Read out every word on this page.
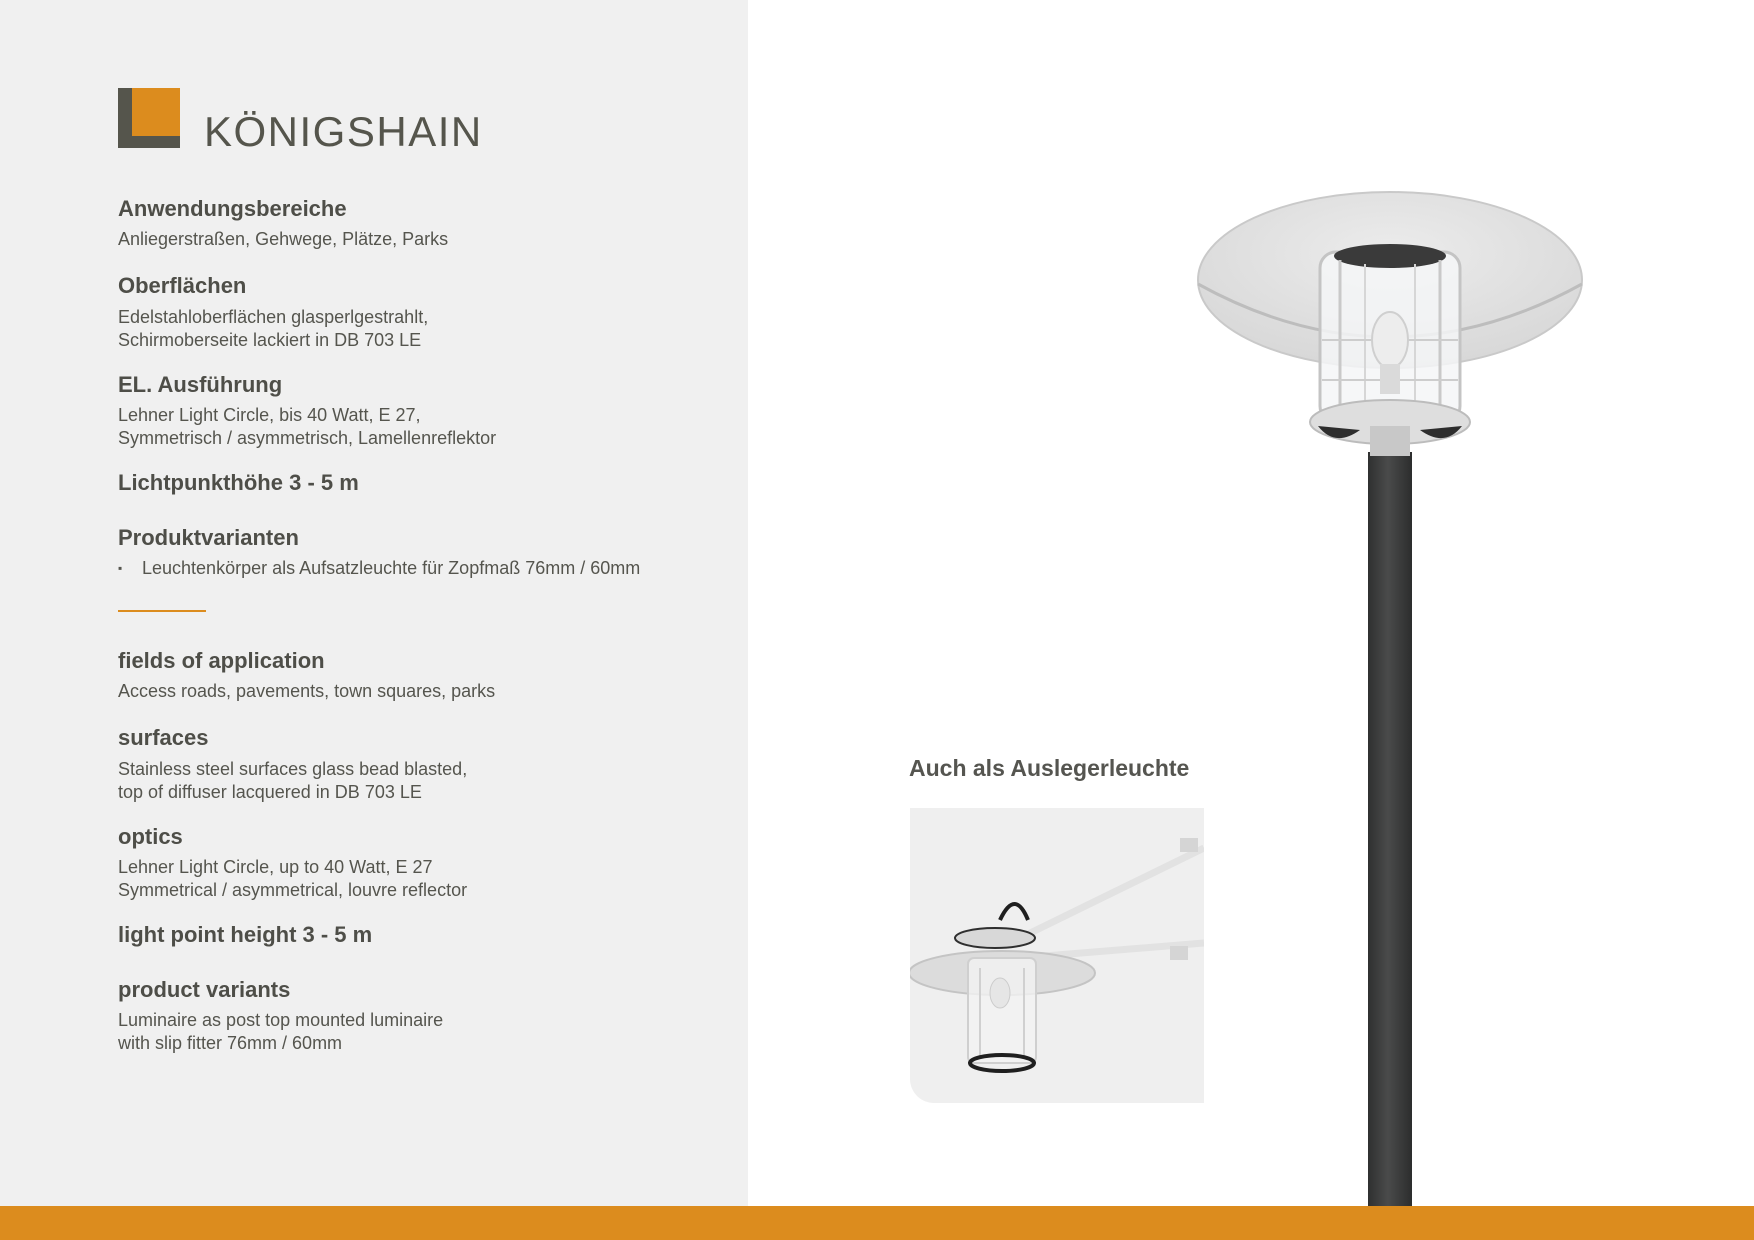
KÖNIGSHAIN

Anwendungsbereiche

Anliegerstraßen, Gehwege, Plätze, Parks

Oberflächen

Edelstahloberflächen glasperlgestrahlt,

Schirmoberseite lackiert in DB 703 LE

EL. Ausführung

Lehner Light Circle, bis 40 Watt, E 27,

Symmetrisch / asymmetrisch, Lamellenreflektor

Lichtpunkthöhe 3 - 5 m

Produktvarianten

▪ Leuchtenkörper als Aufsatzleuchte für Zopfmaß 76mm / 60mm

fields of application

Access roads, pavements, town squares, parks

surfaces

Stainless steel surfaces glass bead blasted,

top of diffuser lacquered in DB 703 LE

optics

Lehner Light Circle, up to 40 Watt, E 27

Symmetrical / asymmetrical, louvre reflector

light point height 3 - 5 m

product variants

Luminaire as post top mounted luminaire

with slip fitter 76mm / 60mm

Auch als Auslegerleuchte
